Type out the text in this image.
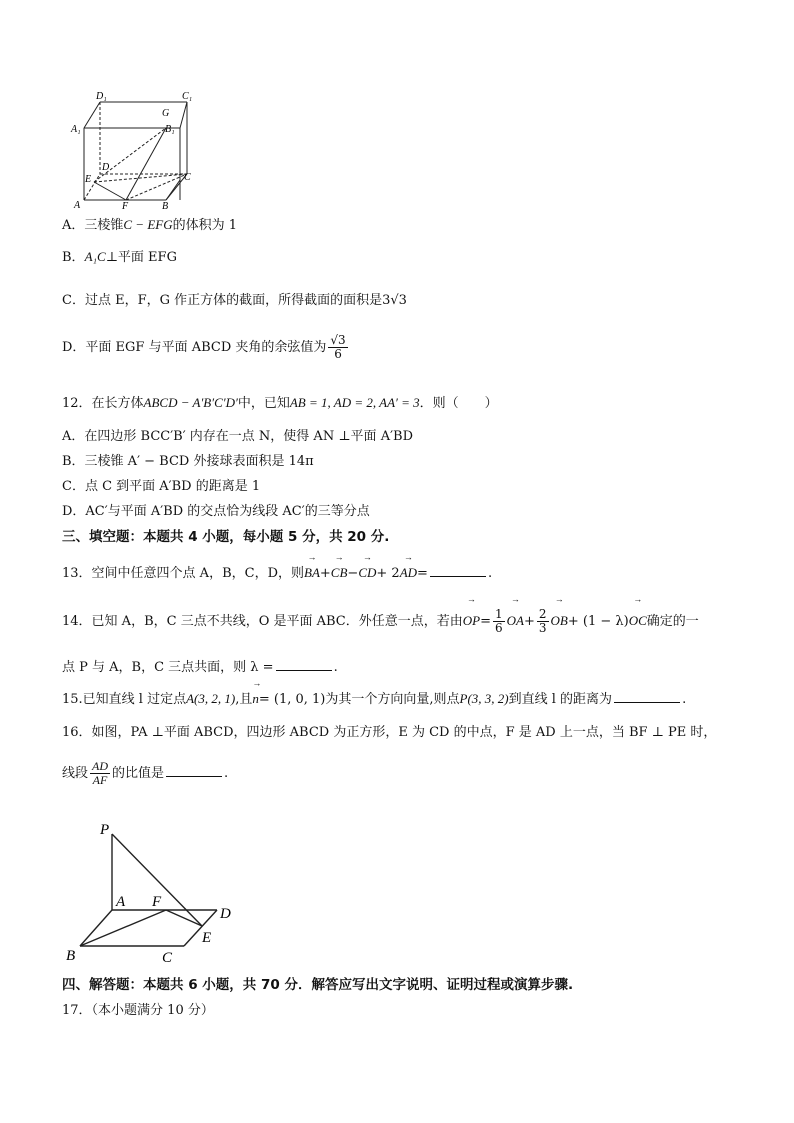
D₁	C₁
A₁
G
B₁
D
E	C
A	F	B
A．三棱锥C − EFG的体积为 1
B．A₁C⊥平面 EFG
C．过点 E，F，G 作正方体的截面，所得截面的面积是3√3
D．平面 EGF 与平面 ABCD 夹角的余弦值为 $\frac{√3}{6}$
12．在长方体ABCD − A′B′C′D′中，已知AB = 1, AD = 2, AA′ = 3．则（　　）
A．在四边形 BCC′B′ 内存在一点 N，使得 AN ⊥平面 A′BD
B．三棱锥 A′ − BCD 外接球表面积是 14π
C．点 C 到平面 A′BD 的距离是 1
D．AC′与平面 A′BD 的交点恰为线段 AC′的三等分点
三、填空题：本题共 4 小题，每小题 5 分，共 20 分.
13．空间中任意四个点 A，B，C，D，则→ BA+→ CB−→ CD+ 2→ AD=	.
14．已知 A，B，C 三点不共线，O 是平面 ABC．外任意一点，若由→ $OP= \frac{1}{6}$
→ $OA+ \frac{2}{3}$
→ OB+ (1 − λ)→ OC确定的一
点 P 与 A，B，C 三点共面，则 λ =	.
15.已知直线 l 过定点A(3, 2, 1),且→ n= (1, 0, 1)为其一个方向向量,则点P(3, 3, 2)到直线 l 的距离为	.
16．如图，PA ⊥平面 ABCD，四边形 ABCD 为正方形，E 为 CD 的中点，F 是 AD 上一点，当 BF ⊥ PE 时，
线段 $\frac{AD}{AF}$ 的比值是	.
P
A F
D
E
B	C
四、解答题：本题共 6 小题，共 70 分．解答应写出文字说明、证明过程或演算步骤.
17．（本小题满分 10 分）
